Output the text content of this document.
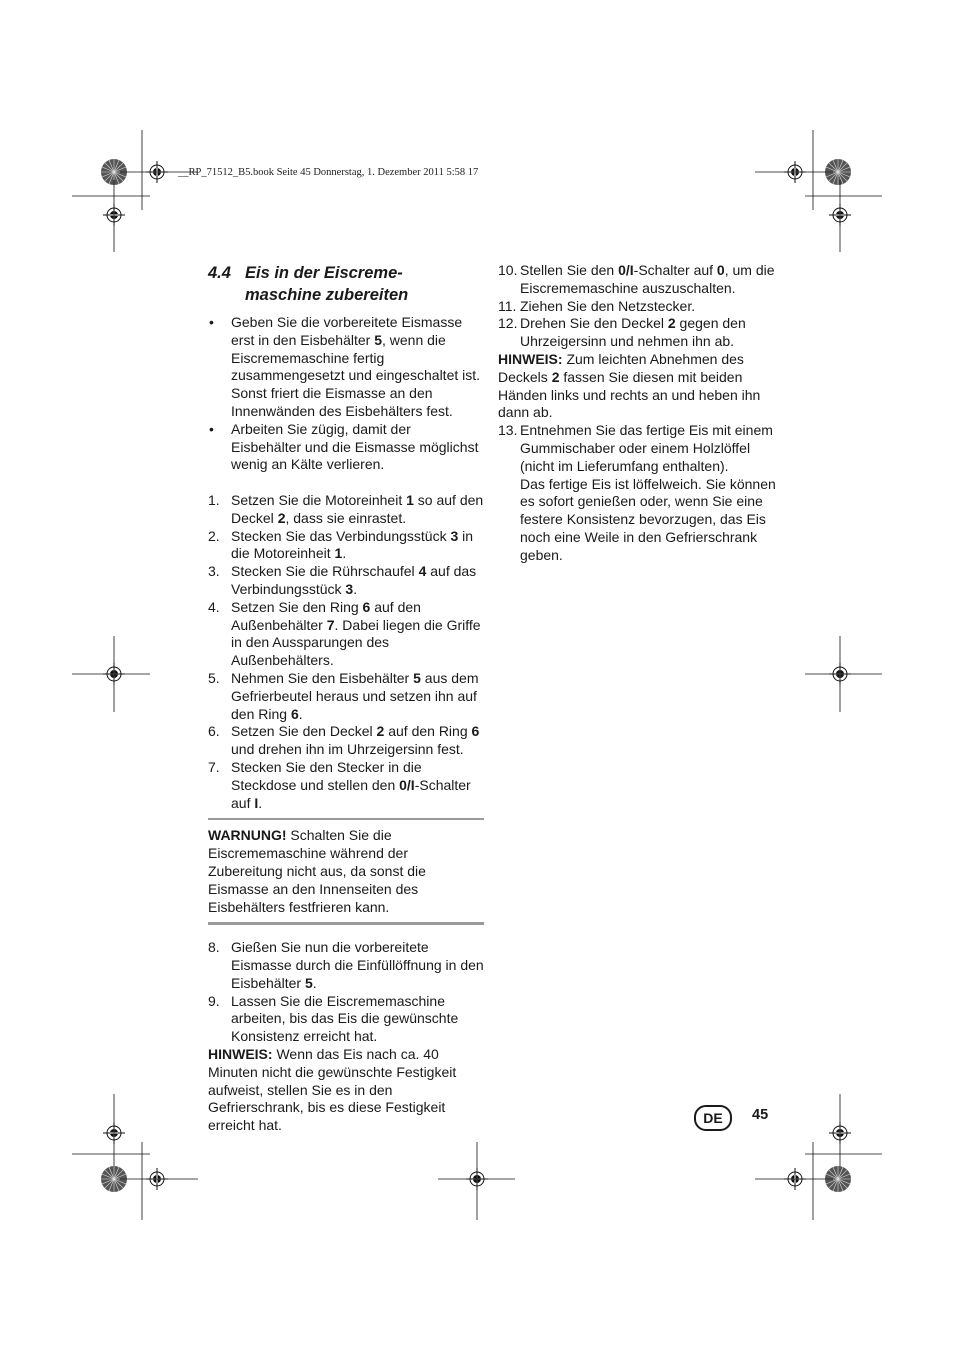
__RP_71512_B5.book Seite 45 Donnerstag, 1. Dezember 2011 5:58 17
4.4 Eis in der Eiscreme-
maschine zubereiten
• Geben Sie die vorbereitete Eismasse erst in den Eisbehälter 5, wenn die Eiscrememaschine fertig zusammengesetzt und eingeschaltet ist. Sonst friert die Eismasse an den Innenwänden des Eisbehälters fest.
• Arbeiten Sie zügig, damit der Eisbehälter und die Eismasse möglichst wenig an Kälte verlieren.
1. Setzen Sie die Motoreinheit 1 so auf den Deckel 2, dass sie einrastet.
2. Stecken Sie das Verbindungsstück 3 in die Motoreinheit 1.
3. Stecken Sie die Rührschaufel 4 auf das Verbindungsstück 3.
4. Setzen Sie den Ring 6 auf den Außenbehälter 7. Dabei liegen die Griffe in den Aussparungen des Außenbehälters.
5. Nehmen Sie den Eisbehälter 5 aus dem Gefrierbeutel heraus und setzen ihn auf den Ring 6.
6. Setzen Sie den Deckel 2 auf den Ring 6 und drehen ihn im Uhrzeigersinn fest.
7. Stecken Sie den Stecker in die Steckdose und stellen den 0/I-Schalter auf I.

WARNUNG! Schalten Sie die Eiscrememaschine während der Zubereitung nicht aus, da sonst die Eismasse an den Innenseiten des Eisbehälters festfrieren kann.

8. Gießen Sie nun die vorbereitete Eismasse durch die Einfüllöffnung in den Eisbehälter 5.
9. Lassen Sie die Eiscrememaschine arbeiten, bis das Eis die gewünschte Konsistenz erreicht hat.

HINWEIS: Wenn das Eis nach ca. 40 Minuten nicht die gewünschte Festigkeit aufweist, stellen Sie es in den Gefrierschrank, bis es diese Festigkeit erreicht hat.

10. Stellen Sie den 0/I-Schalter auf 0, um die Eiscrememaschine auszuschalten.
11. Ziehen Sie den Netzstecker.
12. Drehen Sie den Deckel 2 gegen den Uhrzeigersinn und nehmen ihn ab.

HINWEIS: Zum leichten Abnehmen des Deckels 2 fassen Sie diesen mit beiden Händen links und rechts an und heben ihn dann ab.

13. Entnehmen Sie das fertige Eis mit einem Gummischaber oder einem Holzlöffel (nicht im Lieferumfang enthalten).
Das fertige Eis ist löffelweich. Sie können es sofort genießen oder, wenn Sie eine festere Konsistenz bevorzugen, das Eis noch eine Weile in den Gefrierschrank geben.
DE	45
